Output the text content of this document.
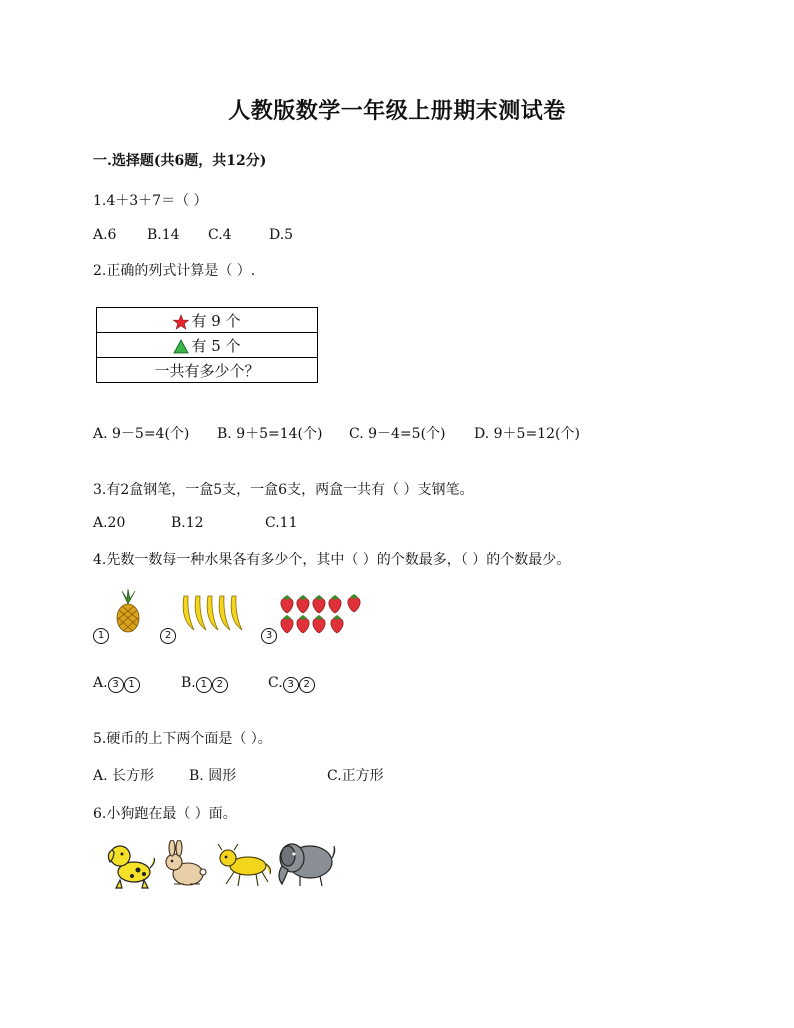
人教版数学一年级上册期末测试卷
一.选择题(共6题，共12分)
1.4＋3＋7＝（ ）
A.6	B.14	C.4	D.5
2.正确的列式计算是（ ）.
有 9 个
有 5 个
一共有多少个？
A. 9－5=4(个)	B. 9＋5=14(个)	C. 9－4=5(个)	D. 9＋5=12(个)
3.有2盒钢笔，一盒5支，一盒6支，两盒一共有（ ）支钢笔。
A.20	B.12	C.11
4.先数一数每一种水果各有多少个，其中（ ）的个数最多，（ ）的个数最少。
1	2	3
A. 3 1	B. 1 2	C. 3 2
5.硬币的上下两个面是（ ）。
A. 长方形	B. 圆形	C.正方形
6.小狗跑在最（ ）面。
